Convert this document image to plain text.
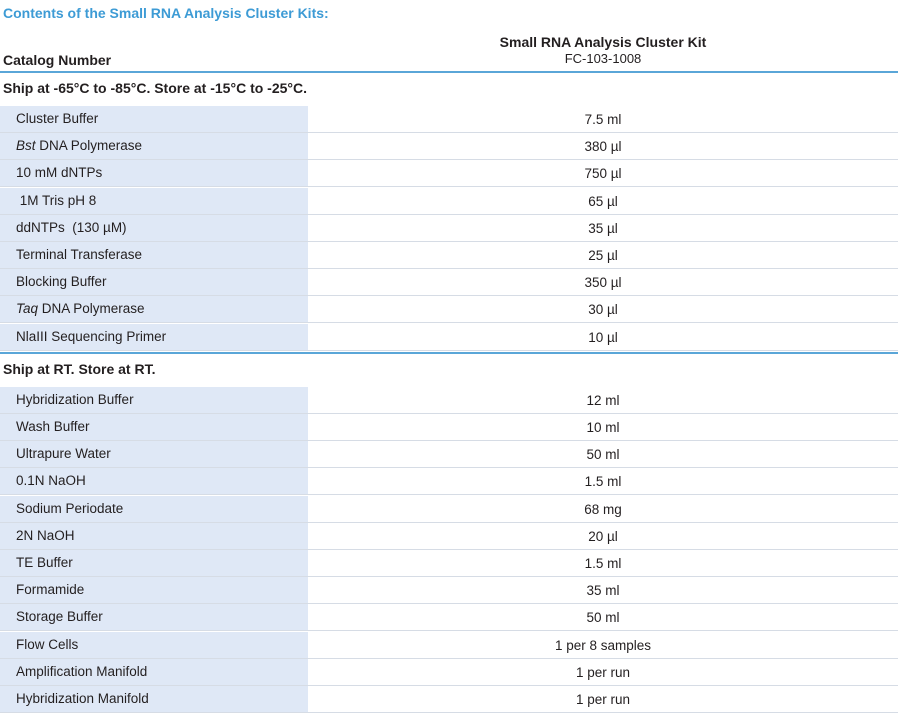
Contents of the Small RNA Analysis Cluster Kits:
Catalog Number
Small RNA Analysis Cluster Kit
FC-103-1008
Ship at -65°C to -85°C. Store at -15°C to -25°C.
Cluster Buffer	$_{7.5 ml}$
Bst DNA Polymerase	$_{380 \mu l}$
10 mM dNTPs	$_{750 \mu l}$
1M Tris pH 8	$_{65 \mu l}$
ddNTPs  (130 µM)	$_{35 \mu l}$
Terminal Transferase	$_{25 \mu l}$
Blocking Buffer	$_{350 \mu l}$
Taq DNA Polymerase	$_{30 \mu l}$
NlaIII Sequencing Primer	$_{10 \mu l}$
Ship at RT. Store at RT.
Hybridization Buffer	$_{12 ml}$
Wash Buffer	$_{10 ml}$
Ultrapure Water	$_{50 ml}$
0.1N NaOH	$_{1.5 ml}$
Sodium Periodate	$_{68 mg}$
2N NaOH	$_{20 \mu l}$
TE Buffer	$_{1.5 ml}$
Formamide	$_{35 ml}$
Storage Buffer	$_{50 ml}$
Flow Cells	$_{1 per 8 samples}$
Amplification Manifold	$_{1 per run}$
Hybridization Manifold	$_{1 per run}$
